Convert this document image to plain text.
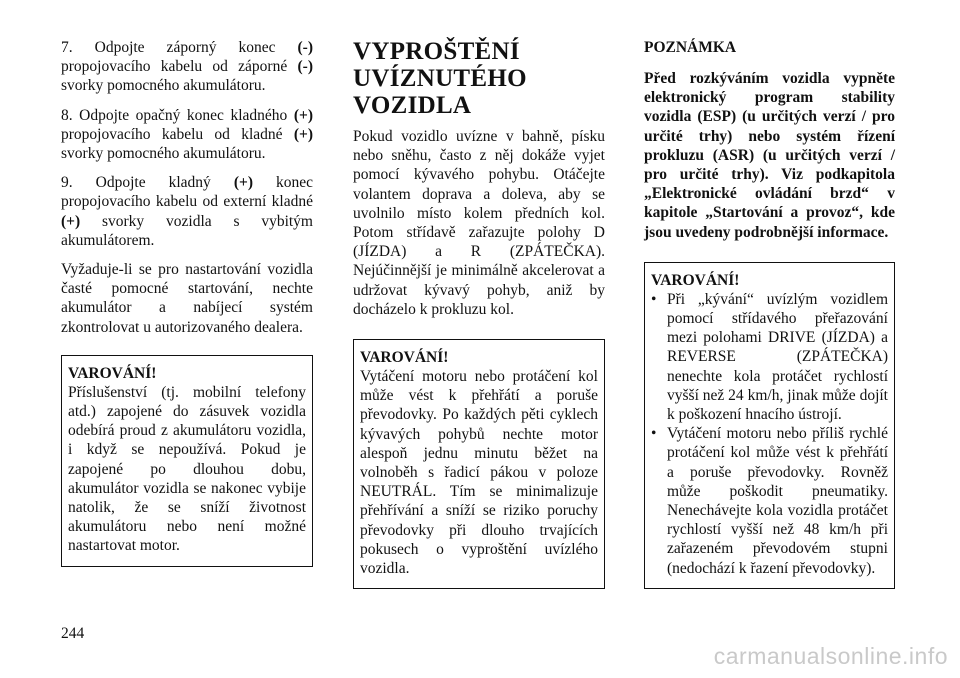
7. Odpojte záporný konec (-) propojovacího kabelu od záporné (-) svorky pomocného akumulátoru.

8. Odpojte opačný konec kladného (+) propojovacího kabelu od kladné (+) svorky pomocného akumulátoru.

9. Odpojte kladný (+) konec propojovacího kabelu od externí kladné (+) svorky vozidla s vybitým akumulátorem.

Vyžaduje-li se pro nastartování vozidla časté pomocné startování, nechte akumulátor a nabíjecí systém zkontrolovat u autorizovaného dealera.

VAROVÁNÍ!

Příslušenství (tj. mobilní telefony atd.) zapojené do zásuvek vozidla odebírá proud z akumulátoru vozidla, i když se nepoužívá. Pokud je zapojené po dlouhou dobu, akumulátor vozidla se nakonec vybije natolik, že se sníží životnost akumulátoru nebo není možné nastartovat motor.

VYPROŠTĚNÍ UVÍZNUTÉHO VOZIDLA

Pokud vozidlo uvízne v bahně, písku nebo sněhu, často z něj dokáže vyjet pomocí kývavého pohybu. Otáčejte volantem doprava a doleva, aby se uvolnilo místo kolem předních kol. Potom střídavě zařazujte polohy D (JÍZDA) a R (ZPÁTEČKA). Nejúčinnější je minimálně akcelerovat a udržovat kývavý pohyb, aniž by docházelo k prokluzu kol.

VAROVÁNÍ!

Vytáčení motoru nebo protáčení kol může vést k přehřátí a poruše převodovky. Po každých pěti cyklech kývavých pohybů nechte motor alespoň jednu minutu běžet na volnoběh s řadicí pákou v poloze NEUTRÁL. Tím se minimalizuje přehřívání a sníží se riziko poruchy převodovky při dlouho trvajících pokusech o vyproštění uvízlého vozidla.

POZNÁMKA

Před rozkýváním vozidla vypněte elektronický program stability vozidla (ESP) (u určitých verzí / pro určité trhy) nebo systém řízení prokluzu (ASR) (u určitých verzí / pro určité trhy). Viz podkapitola „Elektronické ovládání brzd“ v kapitole „Startování a provoz“, kde jsou uvedeny podrobnější informace.

VAROVÁNÍ!
• Při „kývání“ uvízlým vozidlem pomocí střídavého přeřazování mezi polohami DRIVE (JÍZDA) a REVERSE (ZPÁTEČKA) nenechte kola protáčet rychlostí vyšší než 24 km/h, jinak může dojít k poškození hnacího ústrojí.
• Vytáčení motoru nebo příliš rychlé protáčení kol může vést k přehřátí a poruše převodovky. Rovněž může poškodit pneumatiky. Nenechávejte kola vozidla protáčet rychlostí vyšší než 48 km/h při zařazeném převodovém stupni (nedochází k řazení převodovky).
244
carmanualsonline.info
